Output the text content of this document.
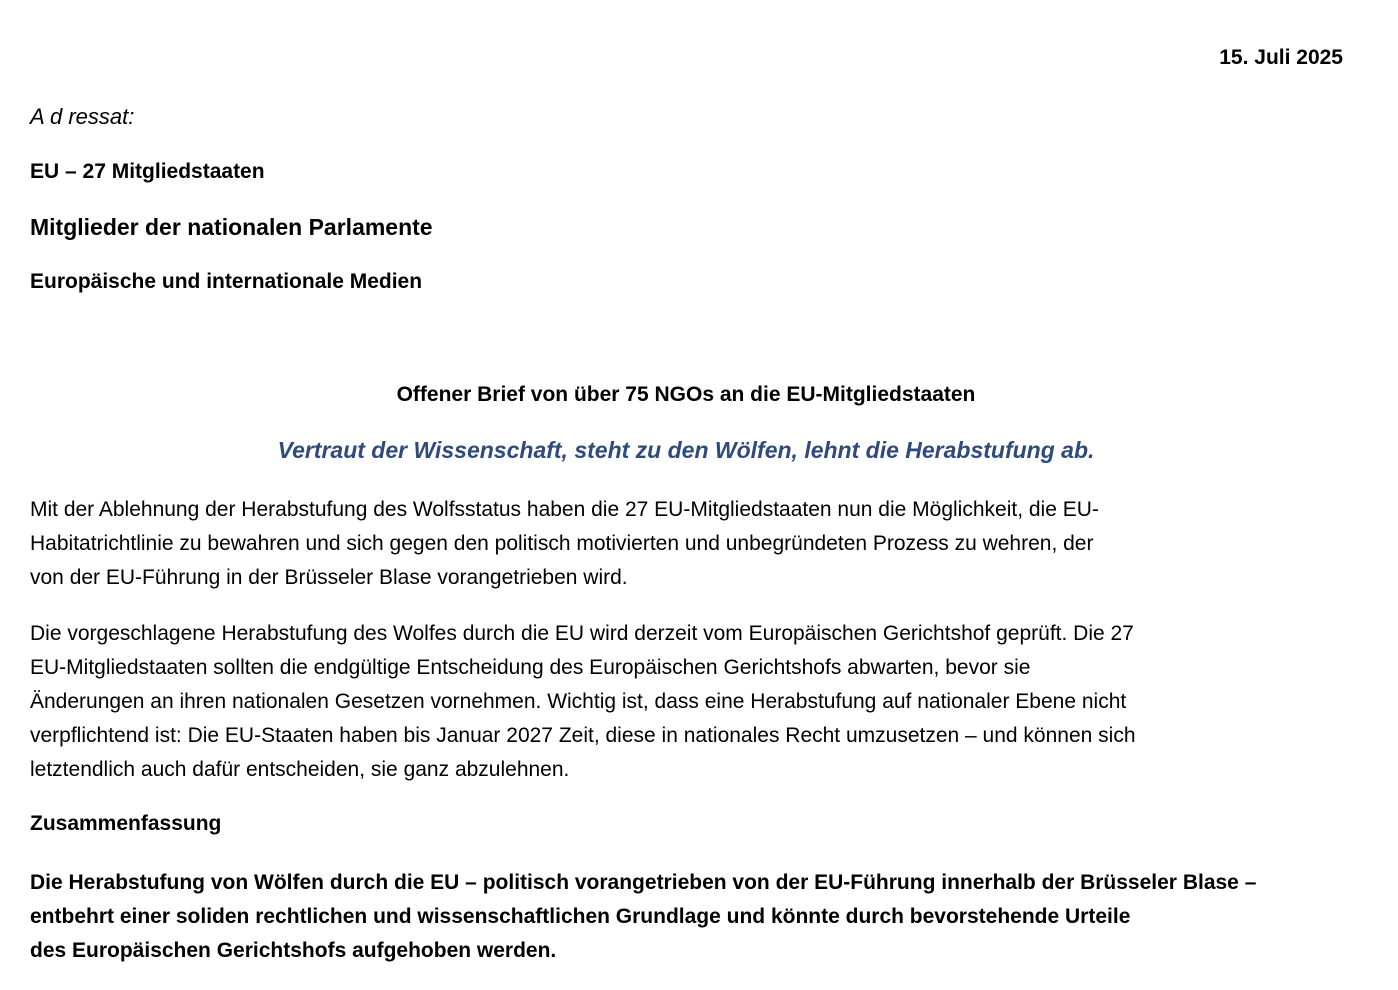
15. Juli 2025
A d ressat:
EU – 27 Mitgliedstaaten
Mitglieder der nationalen Parlamente
Europäische und internationale Medien
Offener Brief von über 75 NGOs an die EU-Mitgliedstaaten
Vertraut der Wissenschaft, steht zu den Wölfen, lehnt die Herabstufung ab.

Mit der Ablehnung der Herabstufung des Wolfsstatus haben die 27 EU-Mitgliedstaaten nun die Möglichkeit, die EU-
Habitatrichtlinie zu bewahren und sich gegen den politisch motivierten und unbegründeten Prozess zu wehren, der
von der EU-Führung in der Brüsseler Blase vorangetrieben wird.

Die vorgeschlagene Herabstufung des Wolfes durch die EU wird derzeit vom Europäischen Gerichtshof geprüft. Die 27
EU-Mitgliedstaaten sollten die endgültige Entscheidung des Europäischen Gerichtshofs abwarten, bevor sie
Änderungen an ihren nationalen Gesetzen vornehmen. Wichtig ist, dass eine Herabstufung auf nationaler Ebene nicht
verpflichtend ist: Die EU-Staaten haben bis Januar 2027 Zeit, diese in nationales Recht umzusetzen – und können sich
letztendlich auch dafür entscheiden, sie ganz abzulehnen.

Zusammenfassung

Die Herabstufung von Wölfen durch die EU – politisch vorangetrieben von der EU-Führung innerhalb der Brüsseler Blase –
entbehrt einer soliden rechtlichen und wissenschaftlichen Grundlage und könnte durch bevorstehende Urteile
des Europäischen Gerichtshofs aufgehoben werden.
